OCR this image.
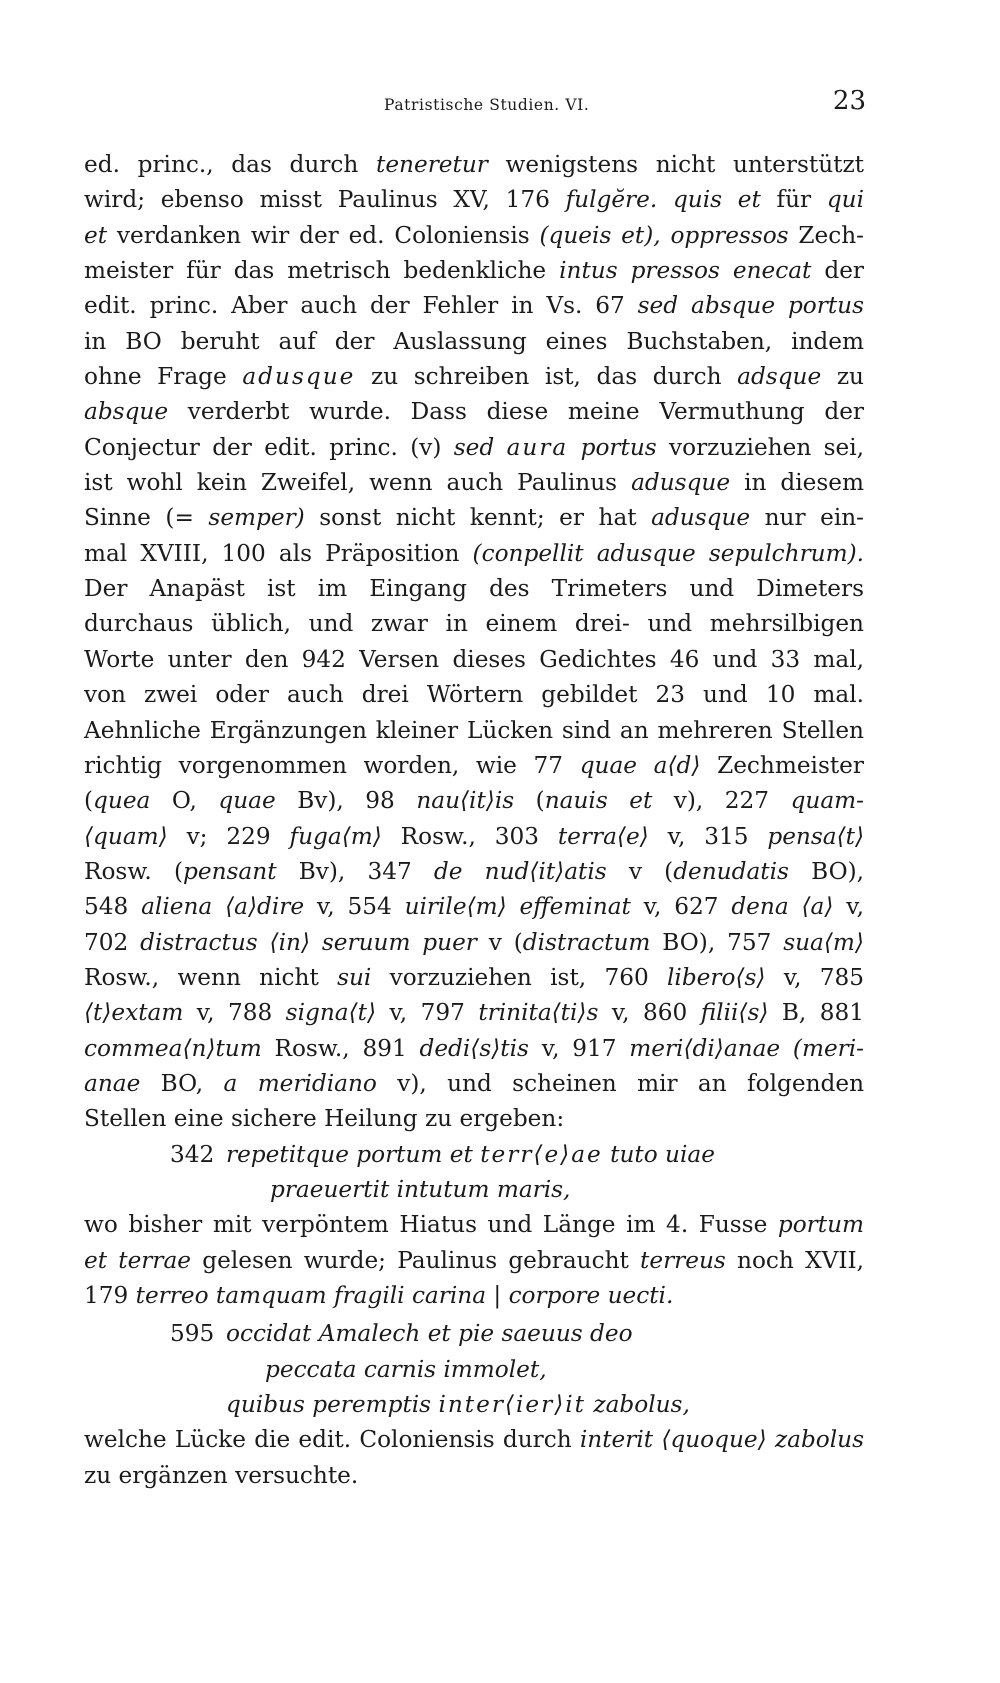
Patristische Studien. VI.	23
ed. princ., das durch teneretur wenigstens nicht unterstützt
wird; ebenso misst Paulinus XV, 176 fulgĕre. quis et für qui
et verdanken wir der ed. Coloniensis (queis et), oppressos Zech-
meister für das metrisch bedenkliche intus pressos enecat der
edit. princ. Aber auch der Fehler in Vs. 67 sed absque portus
in BO beruht auf der Auslassung eines Buchstaben, indem
ohne Frage adusque zu schreiben ist, das durch adsque zu
absque verderbt wurde. Dass diese meine Vermuthung der
Conjectur der edit. princ. (v) sed aura portus vorzuziehen sei,
ist wohl kein Zweifel, wenn auch Paulinus adusque in diesem
Sinne (= semper) sonst nicht kennt; er hat adusque nur ein-
mal XVIII, 100 als Präposition (conpellit adusque sepulchrum).
Der Anapäst ist im Eingang des Trimeters und Dimeters
durchaus üblich, und zwar in einem drei- und mehrsilbigen
Worte unter den 942 Versen dieses Gedichtes 46 und 33 mal,
von zwei oder auch drei Wörtern gebildet 23 und 10 mal.
Aehnliche Ergänzungen kleiner Lücken sind an mehreren Stellen
richtig vorgenommen worden, wie 77 quae a⟨d⟩ Zechmeister
(quea O, quae Bv), 98 nau⟨it⟩is (nauis et v), 227 quam-
⟨quam⟩ v; 229 fuga⟨m⟩ Rosw., 303 terra⟨e⟩ v, 315 pensa⟨t⟩
Rosw. (pensant Bv), 347 de nud⟨it⟩atis v (denudatis BO),
548 aliena ⟨a⟩dire v, 554 uirile⟨m⟩ effeminat v, 627 dena ⟨a⟩ v,
702 distractus ⟨in⟩ seruum puer v (distractum BO), 757 sua⟨m⟩
Rosw., wenn nicht sui vorzuziehen ist, 760 libero⟨s⟩ v, 785
⟨t⟩extam v, 788 signa⟨t⟩ v, 797 trinita⟨ti⟩s v, 860 filii⟨s⟩ B, 881
commea⟨n⟩tum Rosw., 891 dedi⟨s⟩tis v, 917 meri⟨di⟩anae (meri-
anae BO, a meridiano v), und scheinen mir an folgenden
Stellen eine sichere Heilung zu ergeben:
342 repetitque portum et terr⟨e⟩ae tuto uiae
praeuertit intutum maris,
wo bisher mit verpöntem Hiatus und Länge im 4. Fusse portum
et terrae gelesen wurde; Paulinus gebraucht terreus noch XVII,
179 terreo tamquam fragili carina | corpore uecti.
595 occidat Amalech et pie saeuus deo
peccata carnis immolet,
quibus peremptis inter⟨ier⟩it zabolus,
welche Lücke die edit. Coloniensis durch interit ⟨quoque⟩ zabolus
zu ergänzen versuchte.
